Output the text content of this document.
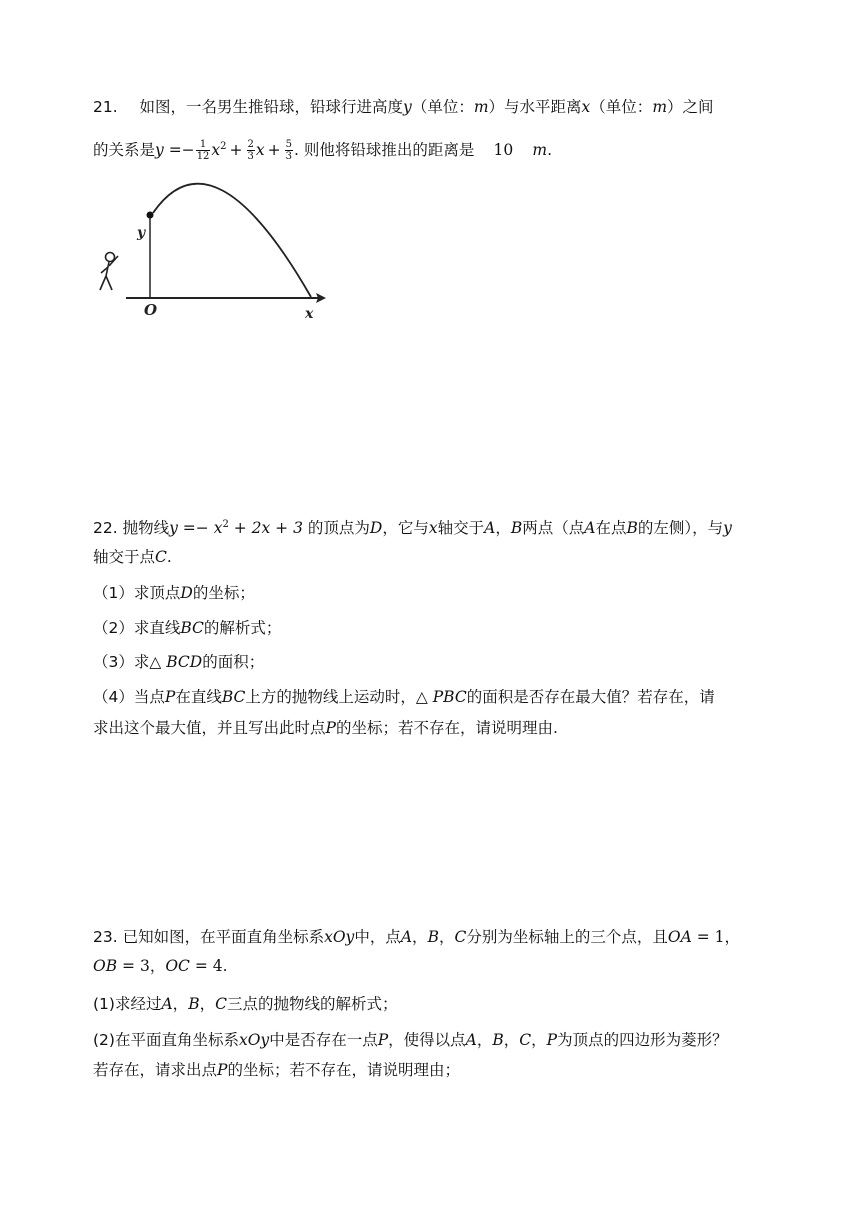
21. 如图，一名男生推铅球，铅球行进高度y（单位：m）与水平距离x（单位：m）之间
的关系是$y =- \frac{1}{12} x^2 + \frac{2}{3}$ $x + \frac{5}{3}$ . 则他将铅球推出的距离是 10 m.
y
O	x
22. 抛物线$y =- x^2 + 2x + 3$ 的顶点为D，它与x轴交于A，B两点（点A在点B的左侧），与y
轴交于点C.
（1）求顶点D的坐标；
（2）求直线BC的解析式；
（3）求△ BCD的面积；
（4）当点P在直线BC上方的抛物线上运动时，△ PBC的面积是否存在最大值？若存在，请
求出这个最大值，并且写出此时点P的坐标；若不存在，请说明理由.
23. 已知如图，在平面直角坐标系xOy中，点A，B，C分别为坐标轴上的三个点，且OA = 1，
OB = 3，OC = 4.
(1)求经过A，B，C三点的抛物线的解析式；
(2)在平面直角坐标系xOy中是否存在一点P，使得以点A，B，C，P为顶点的四边形为菱形？
若存在，请求出点P的坐标；若不存在，请说明理由；
